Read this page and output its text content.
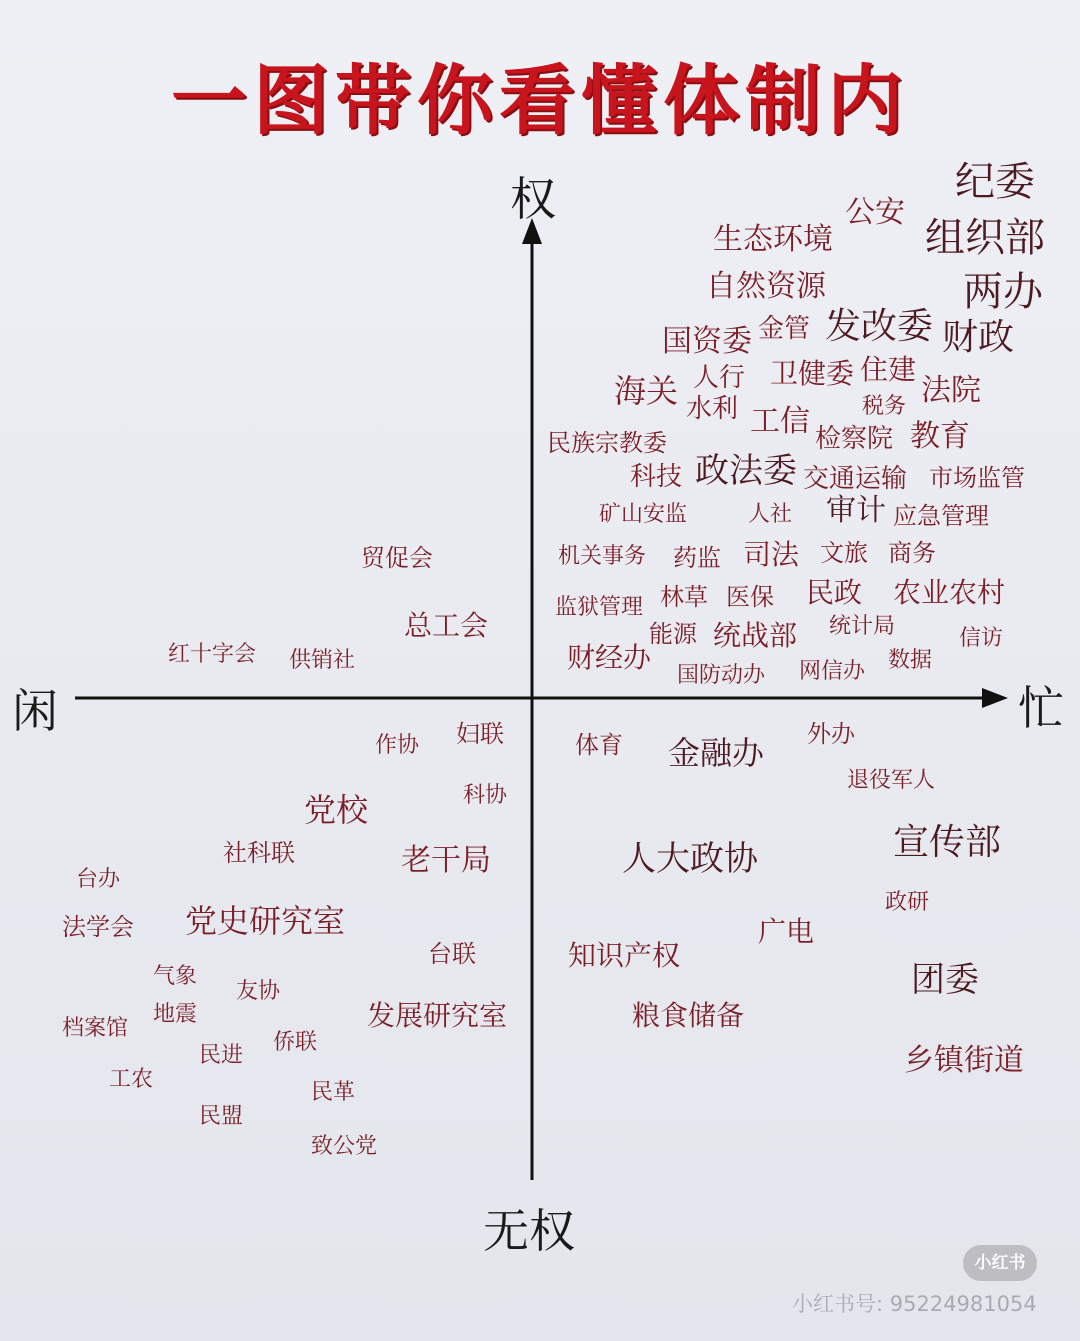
一图带你看懂体制内
权
无权
闲	忙
纪委
公安
生态环境 组织部
自然资源	两办
国资委 金管 发改委 财政
海关 人行 卫健委 住建
法院
水利 工信 税务
检察院 教育
民族宗教委
科技 政法委 交通运输 市场监管
矿山安监	人社 审计 应急管理
机关事务 药监 司法 文旅 商务
监狱管理 林草 医保 民政 农业农村
能源 统战部 统计局	信访
财经办
国防动办 网信办 数据
贸促会
总工会
红十字会 供销社
作协 妇联
科协
党校
社科联	老干局
台办
法学会 党史研究室
台联
气象
友协
地震
档案馆	发展研究室
民进
侨联
工农
民革
民盟
致公党
体育 金融办 外办
退役军人
人大政协	宣传部
政研
广电
知识产权
团委
粮食储备
乡镇街道
小红书
小红书号: 95224981054
